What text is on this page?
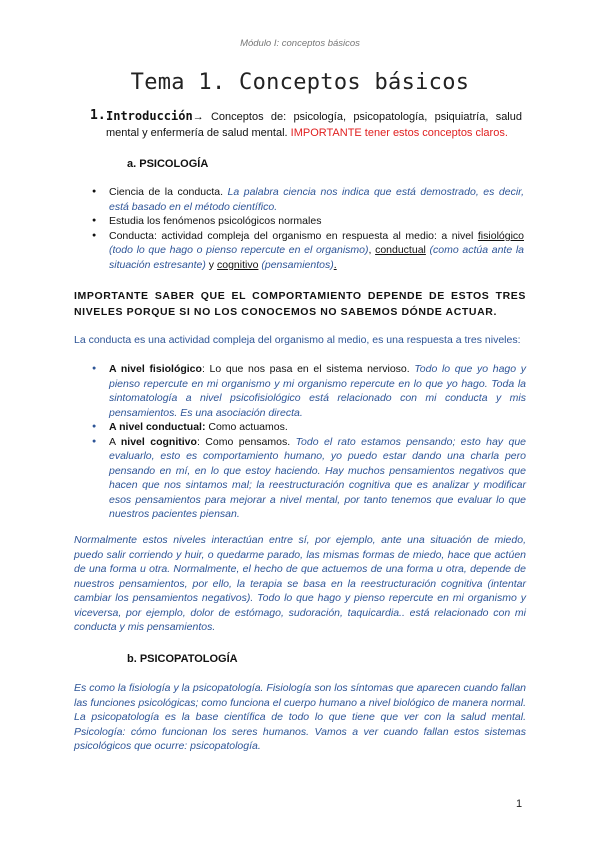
Módulo I: conceptos básicos
Tema 1. Conceptos básicos
1. Introducción→ Conceptos de: psicología, psicopatología, psiquiatría, salud mental y enfermería de salud mental. IMPORTANTE tener estos conceptos claros.
a. PSICOLOGÍA
● Ciencia de la conducta. La palabra ciencia nos indica que está demostrado, es decir, está basado en el método científico.
● Estudia los fenómenos psicológicos normales
● Conducta: actividad compleja del organismo en respuesta al medio: a nivel fisiológico (todo lo que hago o pienso repercute en el organismo), conductual (como actúa ante la situación estresante) y cognitivo (pensamientos).
IMPORTANTE SABER QUE EL COMPORTAMIENTO DEPENDE DE ESTOS TRES NIVELES PORQUE SI NO LOS CONOCEMOS NO SABEMOS DÓNDE ACTUAR.
La conducta es una actividad compleja del organismo al medio, es una respuesta a tres niveles:
● A nivel fisiológico: Lo que nos pasa en el sistema nervioso. Todo lo que yo hago y pienso repercute en mi organismo y mi organismo repercute en lo que yo hago. Toda la sintomatología a nivel psicofisiológico está relacionado con mi conducta y mis pensamientos. Es una asociación directa.
● A nivel conductual: Como actuamos.
● A nivel cognitivo: Como pensamos. Todo el rato estamos pensando; esto hay que evaluarlo, esto es comportamiento humano, yo puedo estar dando una charla pero pensando en mí, en lo que estoy haciendo. Hay muchos pensamientos negativos que hacen que nos sintamos mal; la reestructuración cognitiva que es analizar y modificar esos pensamientos para mejorar a nivel mental, por tanto tenemos que evaluar lo que nuestros pacientes piensan.
Normalmente estos niveles interactúan entre sí, por ejemplo, ante una situación de miedo, puedo salir corriendo y huir, o quedarme parado, las mismas formas de miedo, hace que actúen de una forma u otra. Normalmente, el hecho de que actuemos de una forma u otra, depende de nuestros pensamientos, por ello, la terapia se basa en la reestructuración cognitiva (intentar cambiar los pensamientos negativos). Todo lo que hago y pienso repercute en mi organismo y viceversa, por ejemplo, dolor de estómago, sudoración, taquicardia.. está relacionado con mi conducta y mis pensamientos.
b. PSICOPATOLOGÍA
Es como la fisiología y la psicopatología. Fisiología son los síntomas que aparecen cuando fallan las funciones psicológicas; como funciona el cuerpo humano a nivel biológico de manera normal. La psicopatología es la base científica de todo lo que tiene que ver con la salud mental. Psicología: cómo funcionan los seres humanos. Vamos a ver cuando fallan estos sistemas psicológicos que ocurre: psicopatología.
1
